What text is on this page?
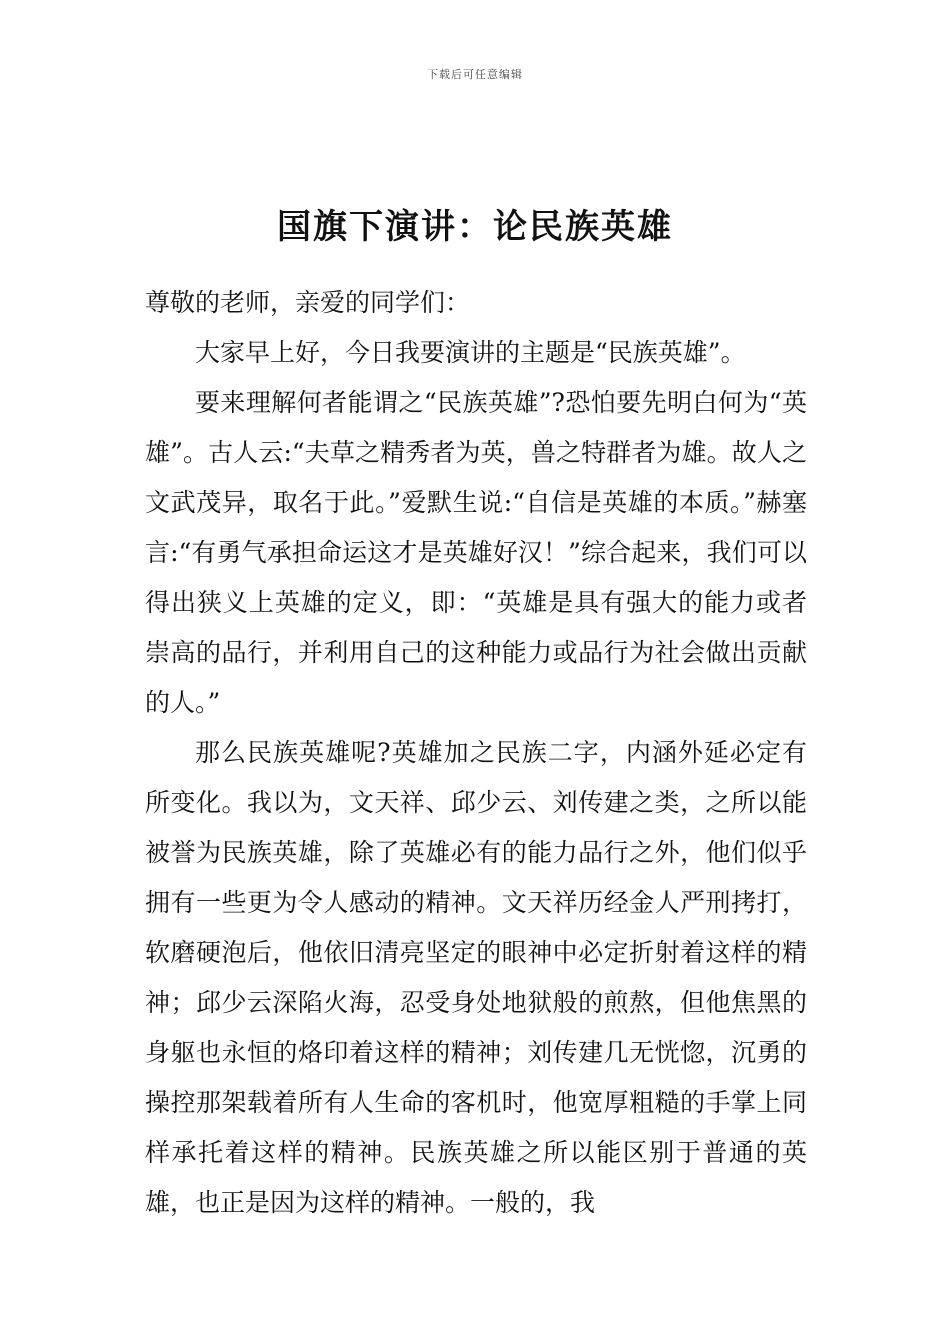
下载后可任意编辑
国旗下演讲：论民族英雄

尊敬的老师，亲爱的同学们：

大家早上好，今日我要演讲的主题是“民族英雄”。

要来理解何者能谓之“民族英雄”?恐怕要先明白何为“英雄”。古人云:“夫草之精秀者为英，兽之特群者为雄。故人之文武茂异，取名于此。”爱默生说:“自信是英雄的本质。”赫塞言:“有勇气承担命运这才是英雄好汉！”综合起来，我们可以得出狭义上英雄的定义，即：“英雄是具有强大的能力或者崇高的品行，并利用自己的这种能力或品行为社会做出贡献的人。”

那么民族英雄呢?英雄加之民族二字，内涵外延必定有所变化。我以为，文天祥、邱少云、刘传建之类，之所以能被誉为民族英雄，除了英雄必有的能力品行之外，他们似乎拥有一些更为令人感动的精神。文天祥历经金人严刑拷打，软磨硬泡后，他依旧清亮坚定的眼神中必定折射着这样的精神；邱少云深陷火海，忍受身处地狱般的煎熬，但他焦黑的身躯也永恒的烙印着这样的精神；刘传建几无恍惚，沉勇的操控那架载着所有人生命的客机时，他宽厚粗糙的手掌上同样承托着这样的精神。民族英雄之所以能区别于普通的英雄，也正是因为这样的精神。一般的，我
